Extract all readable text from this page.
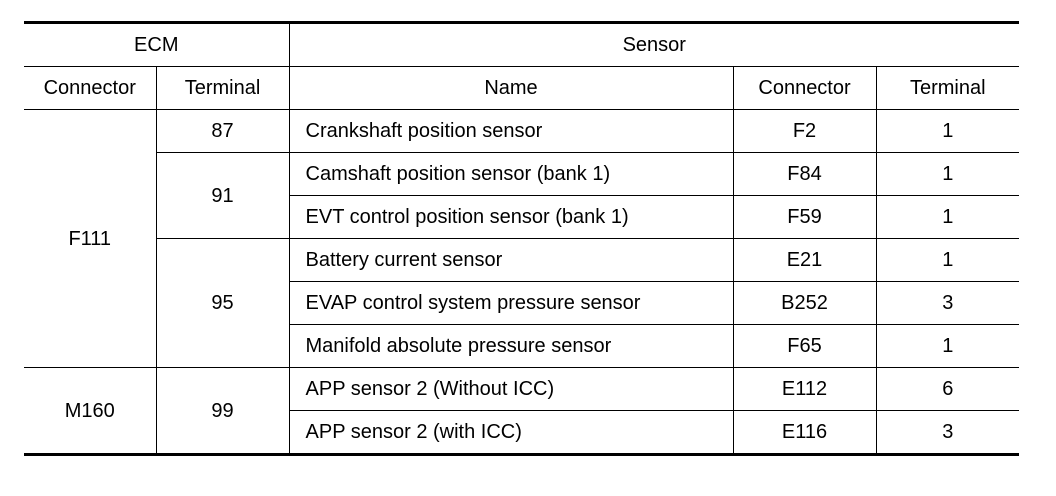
ECM		Sensor		
Connector	Terminal	Name	Connector	Terminal
F111	87	Crankshaft position sensor	F2	1
	91	Camshaft position sensor (bank 1)	F84	1
		EVT control position sensor (bank 1)	F59	1
	95	Battery current sensor	E21	1
		EVAP control system pressure sensor	B252	3
		Manifold absolute pressure sensor	F65	1
M160	99	APP sensor 2 (Without ICC)	E112	6
		APP sensor 2 (with ICC)	E116	3
